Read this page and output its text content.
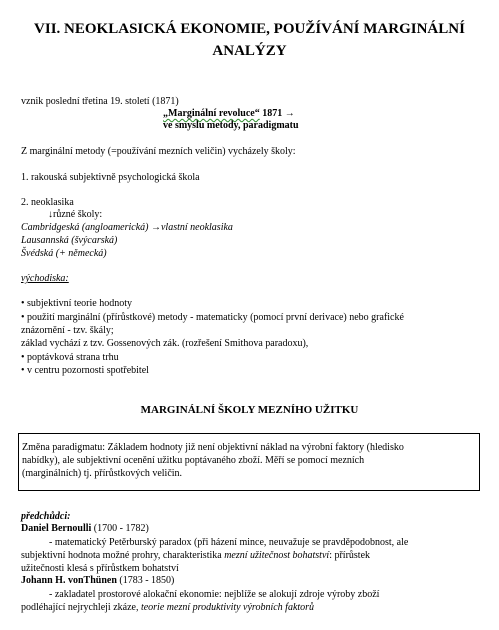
VII. NEOKLASICKÁ EKONOMIE, POUŽÍVÁNÍ MARGINÁLNÍ
ANALÝZY
vznik poslední třetina 19. století (1871)
„Marginální revoluce“ 1871 →
ve smyslu metody, paradigmatu
Z marginální metody (=používání mezních veličin) vycházely školy:
1. rakouská subjektivně psychologická škola
2. neoklasika
↓různé školy:
Cambridgeská (angloamerická) →vlastní neoklasika
Lausannská (švýcarská)
Švédská (+ německá)
východiska:
• subjektivní teorie hodnoty
• použití marginální (přírůstkové) metody - matematicky (pomocí první derivace) nebo grafické
znázornění - tzv. škály;
základ vychází z tzv. Gossenových zák. (rozřešení Smithova paradoxu),
• poptávková strana trhu
• v centru pozornosti spotřebitel
MARGINÁLNÍ ŠKOLY MEZNÍHO UŽITKU
Změna paradigmatu: Základem hodnoty již není objektivní náklad na výrobní faktory (hledisko
nabídky), ale subjektivní ocenění užitku poptávaného zboží. Měří se pomocí mezních
(marginálních) tj. přírůstkových veličin.
předchůdci:
Daniel Bernoulli (1700 - 1782)
- matematický Petěrburský paradox (při házení mince, neuvažuje se pravděpodobnost, ale
subjektivní hodnota možné prohry, charakteristika mezní užitečnost bohatství: přírůstek
užitečnosti klesá s přírůstkem bohatství
Johann H. vonThünen (1783 - 1850)
- zakladatel prostorové alokační ekonomie: nejblíže se alokují zdroje výroby zboží
podléhající nejrychleji zkáze, teorie mezní produktivity výrobních faktorů
